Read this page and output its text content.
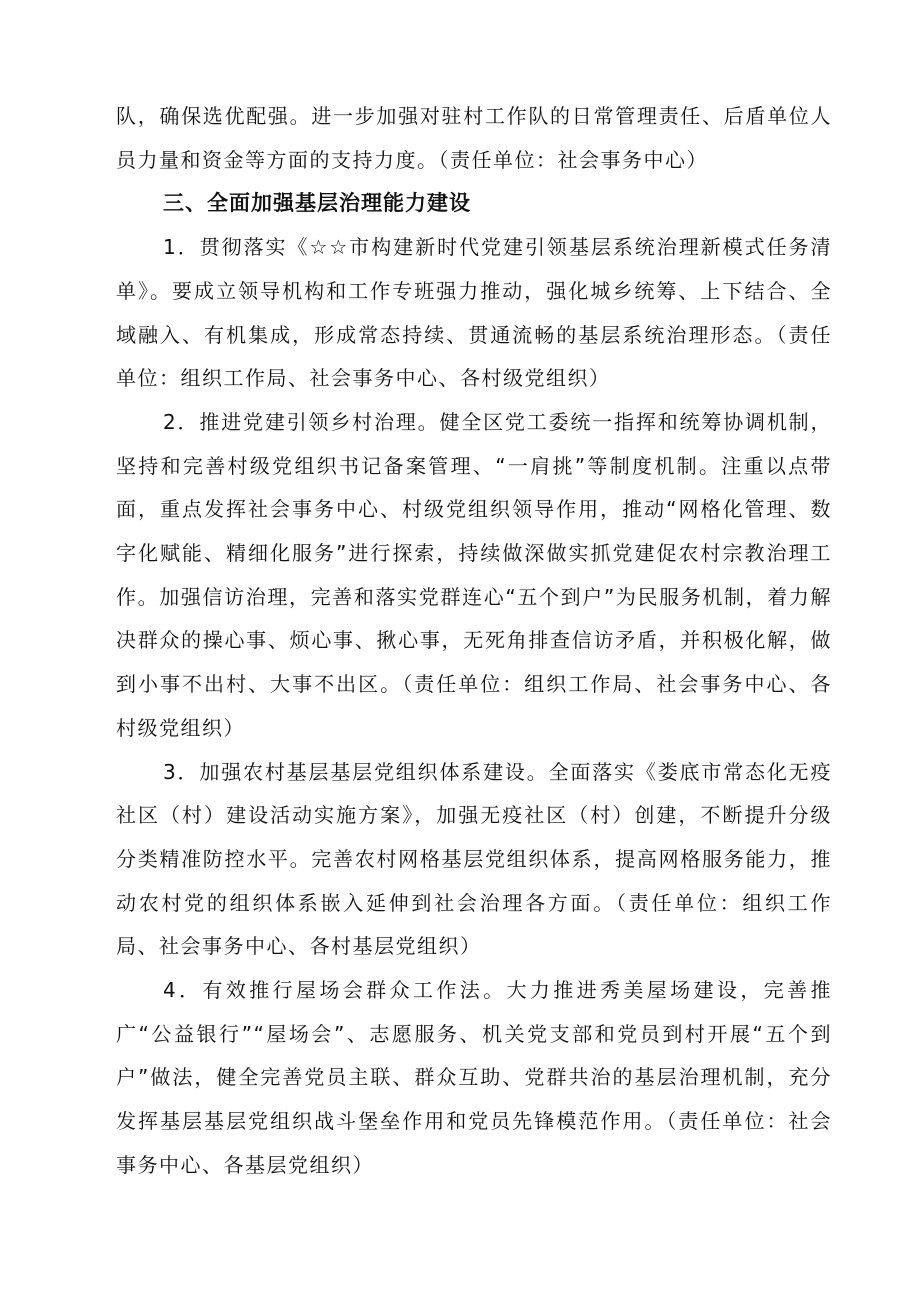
队，确保选优配强。进一步加强对驻村工作队的日常管理责任、后盾单位人员力量和资金等方面的支持力度。（责任单位：社会事务中心）

三、全面加强基层治理能力建设

1．贯彻落实《☆☆市构建新时代党建引领基层系统治理新模式任务清单》。要成立领导机构和工作专班强力推动，强化城乡统筹、上下结合、全域融入、有机集成，形成常态持续、贯通流畅的基层系统治理形态。（责任单位：组织工作局、社会事务中心、各村级党组织）

2．推进党建引领乡村治理。健全区党工委统一指挥和统筹协调机制，坚持和完善村级党组织书记备案管理、“一肩挑”等制度机制。注重以点带面，重点发挥社会事务中心、村级党组织领导作用，推动“网格化管理、数字化赋能、精细化服务”进行探索，持续做深做实抓党建促农村宗教治理工作。加强信访治理，完善和落实党群连心“五个到户”为民服务机制，着力解决群众的操心事、烦心事、揪心事，无死角排查信访矛盾，并积极化解，做到小事不出村、大事不出区。（责任单位：组织工作局、社会事务中心、各村级党组织）

3．加强农村基层基层党组织体系建设。全面落实《娄底市常态化无疫社区（村）建设活动实施方案》，加强无疫社区（村）创建，不断提升分级分类精准防控水平。完善农村网格基层党组织体系，提高网格服务能力，推动农村党的组织体系嵌入延伸到社会治理各方面。（责任单位：组织工作局、社会事务中心、各村基层党组织）

4．有效推行屋场会群众工作法。大力推进秀美屋场建设，完善推广“公益银行”“屋场会”、志愿服务、机关党支部和党员到村开展“五个到户”做法，健全完善党员主联、群众互助、党群共治的基层治理机制，充分发挥基层基层党组织战斗堡垒作用和党员先锋模范作用。（责任单位：社会事务中心、各基层党组织）
